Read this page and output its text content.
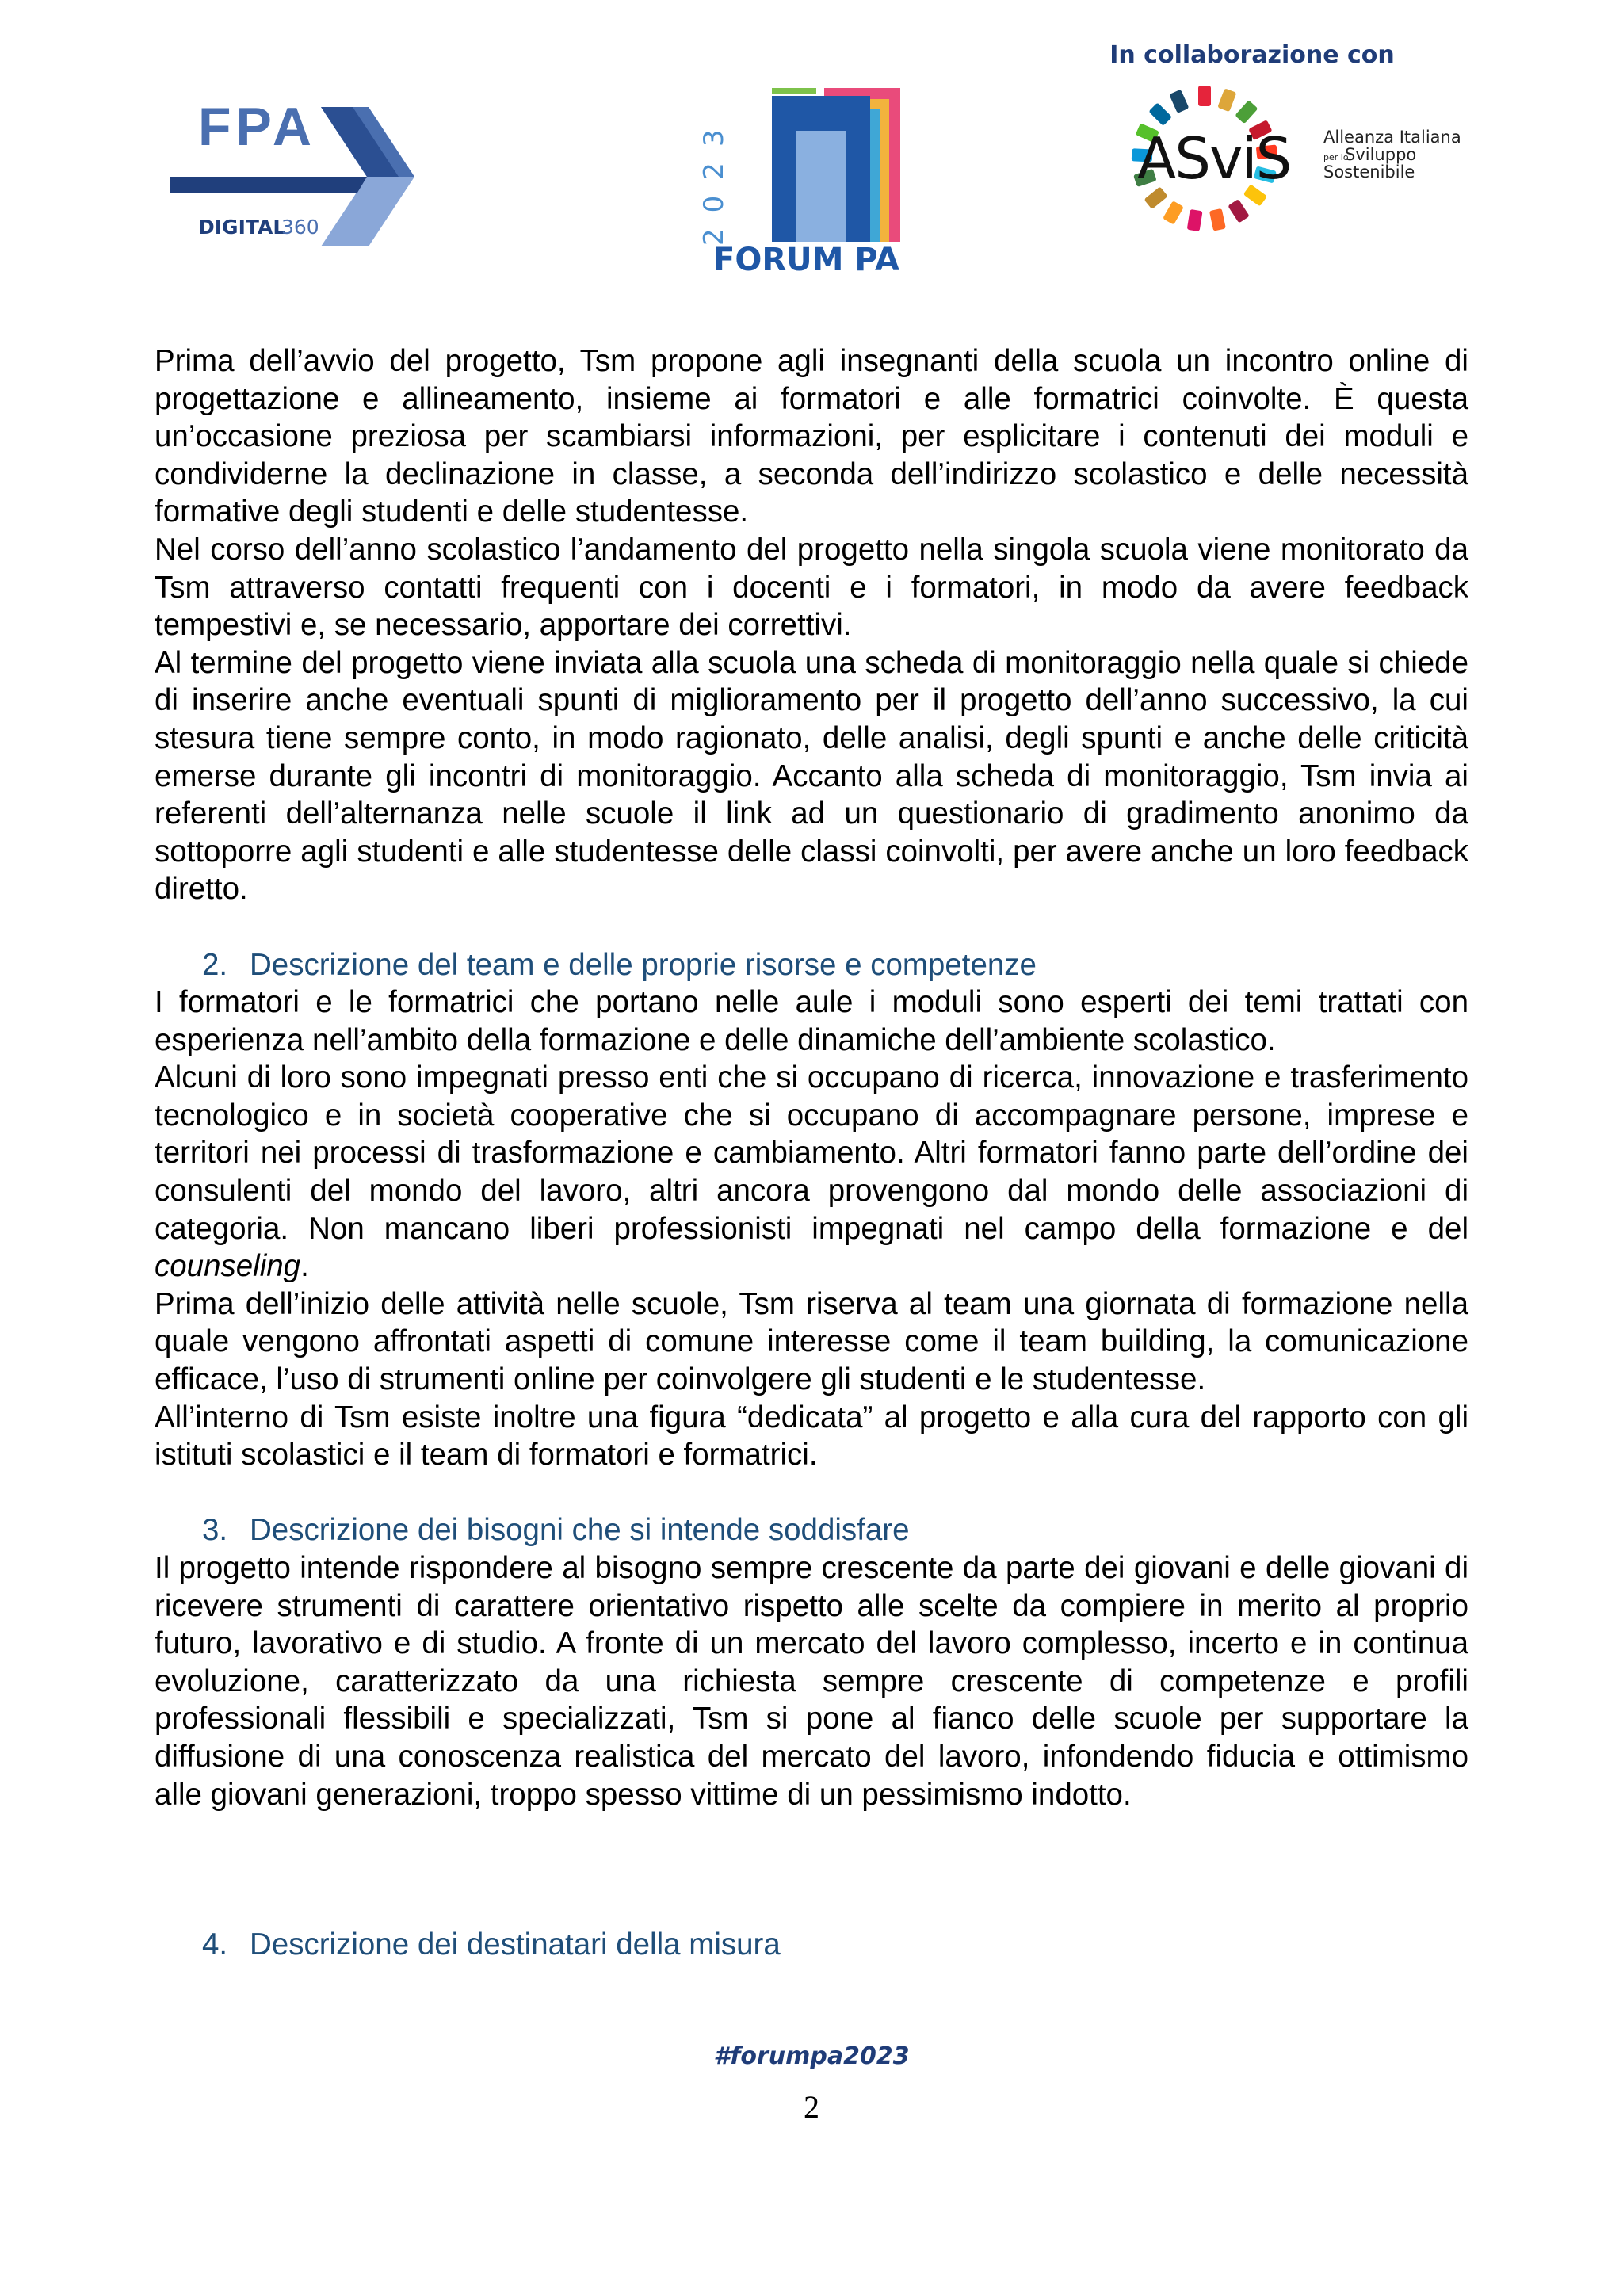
FPA
DIGITAL
360	2023
FORUM PA
In collaborazione con
ASviS Alleanza Italiana
per lo
Sviluppo
Sostenibile

Prima dell’avvio del progetto, Tsm propone agli insegnanti della scuola un incontro online di progettazione e allineamento, insieme ai formatori e alle formatrici coinvolte. È questa un’occasione preziosa per scambiarsi informazioni, per esplicitare i contenuti dei moduli e condividerne la declinazione in classe, a seconda dell’indirizzo scolastico e delle necessità formative degli studenti e delle studentesse.

Nel corso dell’anno scolastico l’andamento del progetto nella singola scuola viene monitorato da Tsm attraverso contatti frequenti con i docenti e i formatori, in modo da avere feedback tempestivi e, se necessario, apportare dei correttivi.

Al termine del progetto viene inviata alla scuola una scheda di monitoraggio nella quale si chiede di inserire anche eventuali spunti di miglioramento per il progetto dell’anno successivo, la cui stesura tiene sempre conto, in modo ragionato, delle analisi, degli spunti e anche delle criticità emerse durante gli incontri di monitoraggio. Accanto alla scheda di monitoraggio, Tsm invia ai referenti dell’alternanza nelle scuole il link ad un questionario di gradimento anonimo da sottoporre agli studenti e alle studentesse delle classi coinvolti, per avere anche un loro feedback diretto.

2. Descrizione del team e delle proprie risorse e competenze

I formatori e le formatrici che portano nelle aule i moduli sono esperti dei temi trattati con esperienza nell’ambito della formazione e delle dinamiche dell’ambiente scolastico.

Alcuni di loro sono impegnati presso enti che si occupano di ricerca, innovazione e trasferimento tecnologico e in società cooperative che si occupano di accompagnare persone, imprese e territori nei processi di trasformazione e cambiamento. Altri formatori fanno parte dell’ordine dei consulenti del mondo del lavoro, altri ancora provengono dal mondo delle associazioni di categoria. Non mancano liberi professionisti impegnati nel campo della formazione e del counseling.

Prima dell’inizio delle attività nelle scuole, Tsm riserva al team una giornata di formazione nella quale vengono affrontati aspetti di comune interesse come il team building, la comunicazione efficace, l’uso di strumenti online per coinvolgere gli studenti e le studentesse.

All’interno di Tsm esiste inoltre una figura “dedicata” al progetto e alla cura del rapporto con gli istituti scolastici e il team di formatori e formatrici.

3. Descrizione dei bisogni che si intende soddisfare

Il progetto intende rispondere al bisogno sempre crescente da parte dei giovani e delle giovani di ricevere strumenti di carattere orientativo rispetto alle scelte da compiere in merito al proprio futuro, lavorativo e di studio. A fronte di un mercato del lavoro complesso, incerto e in continua evoluzione, caratterizzato da una richiesta sempre crescente di competenze e profili professionali flessibili e specializzati, Tsm si pone al fianco delle scuole per supportare la diffusione di una conoscenza realistica del mercato del lavoro, infondendo fiducia e ottimismo alle giovani generazioni, troppo spesso vittime di un pessimismo indotto.

4. Descrizione dei destinatari della misura

#forumpa2023
2
